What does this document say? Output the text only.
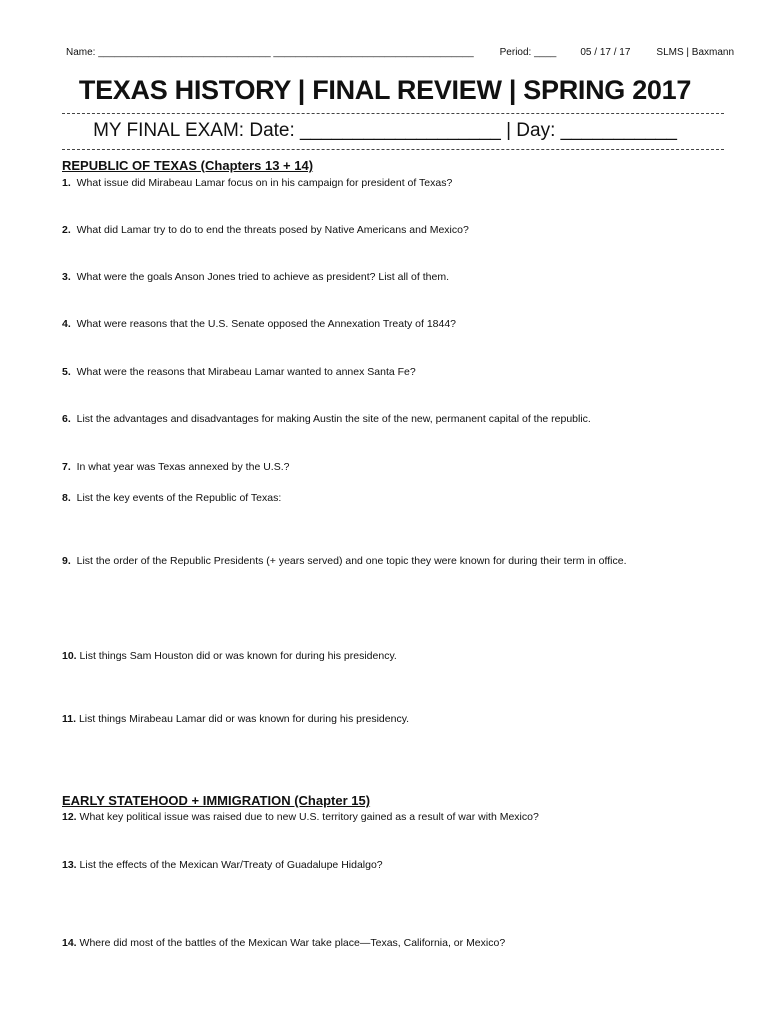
Name: _______________________________ ____________________________________	Period: ____ 05 / 17 / 17	SLMS | Baxmann
TEXAS HISTORY | FINAL REVIEW | SPRING 2017
MY FINAL EXAM: Date: ___________________ | Day: ___________
REPUBLIC OF TEXAS (Chapters 13 + 14)
1. What issue did Mirabeau Lamar focus on in his campaign for president of Texas?
2. What did Lamar try to do to end the threats posed by Native Americans and Mexico?
3. What were the goals Anson Jones tried to achieve as president? List all of them.
4. What were reasons that the U.S. Senate opposed the Annexation Treaty of 1844?
5. What were the reasons that Mirabeau Lamar wanted to annex Santa Fe?
6. List the advantages and disadvantages for making Austin the site of the new, permanent capital of the republic.
7. In what year was Texas annexed by the U.S.?
8. List the key events of the Republic of Texas:
9. List the order of the Republic Presidents (+ years served) and one topic they were known for during their term in office.
10. List things Sam Houston did or was known for during his presidency.
11. List things Mirabeau Lamar did or was known for during his presidency.
EARLY STATEHOOD + IMMIGRATION (Chapter 15)
12. What key political issue was raised due to new U.S. territory gained as a result of war with Mexico?
13. List the effects of the Mexican War/Treaty of Guadalupe Hidalgo?
14. Where did most of the battles of the Mexican War take place—Texas, California, or Mexico?
